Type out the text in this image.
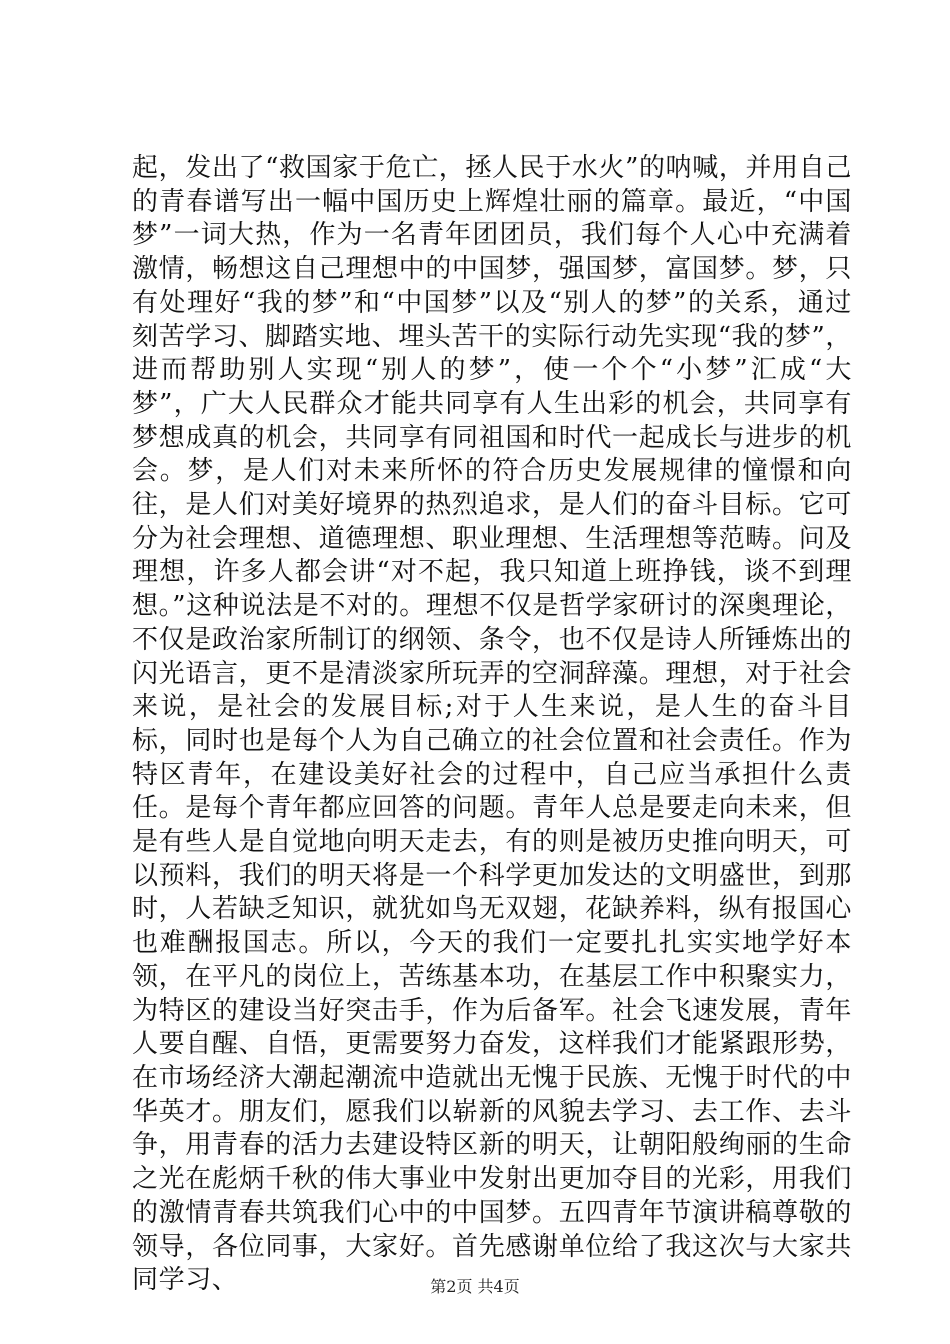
起，发出了“救国家于危亡，拯人民于水火”的呐喊，并用自己的青春谱写出一幅中国历史上辉煌壮丽的篇章。最近，“中国梦”一词大热，作为一名青年团团员，我们每个人心中充满着激情，畅想这自己理想中的中国梦，强国梦，富国梦。梦，只有处理好“我的梦”和“中国梦”以及“别人的梦”的关系，通过刻苦学习、脚踏实地、埋头苦干的实际行动先实现“我的梦”，进而帮助别人实现“别人的梦”，使一个个“小梦”汇成“大梦”，广大人民群众才能共同享有人生出彩的机会，共同享有梦想成真的机会，共同享有同祖国和时代一起成长与进步的机会。梦，是人们对未来所怀的符合历史发展规律的憧憬和向往，是人们对美好境界的热烈追求，是人们的奋斗目标。它可分为社会理想、道德理想、职业理想、生活理想等范畴。问及理想，许多人都会讲“对不起，我只知道上班挣钱，谈不到理想。”这种说法是不对的。理想不仅是哲学家研讨的深奥理论，不仅是政治家所制订的纲领、条令，也不仅是诗人所锤炼出的闪光语言，更不是清淡家所玩弄的空洞辞藻。理想，对于社会来说，是社会的发展目标;对于人生来说，是人生的奋斗目标，同时也是每个人为自己确立的社会位置和社会责任。作为特区青年，在建设美好社会的过程中，自己应当承担什么责任。是每个青年都应回答的问题。青年人总是要走向未来，但是有些人是自觉地向明天走去，有的则是被历史推向明天，可以预料，我们的明天将是一个科学更加发达的文明盛世，到那时，人若缺乏知识，就犹如鸟无双翅，花缺养料，纵有报国心也难酬报国志。所以，今天的我们一定要扎扎实实地学好本领，在平凡的岗位上，苦练基本功，在基层工作中积聚实力，为特区的建设当好突击手，作为后备军。社会飞速发展，青年人要自醒、自悟，更需要努力奋发，这样我们才能紧跟形势，在市场经济大潮起潮流中造就出无愧于民族、无愧于时代的中华英才。朋友们，愿我们以崭新的风貌去学习、去工作、去斗争，用青春的活力去建设特区新的明天，让朝阳般绚丽的生命之光在彪炳千秋的伟大事业中发射出更加夺目的光彩，用我们的激情青春共筑我们心中的中国梦。五四青年节演讲稿尊敬的领导，各位同事，大家好。首先感谢单位给了我这次与大家共同学习、	第2页 共4页
